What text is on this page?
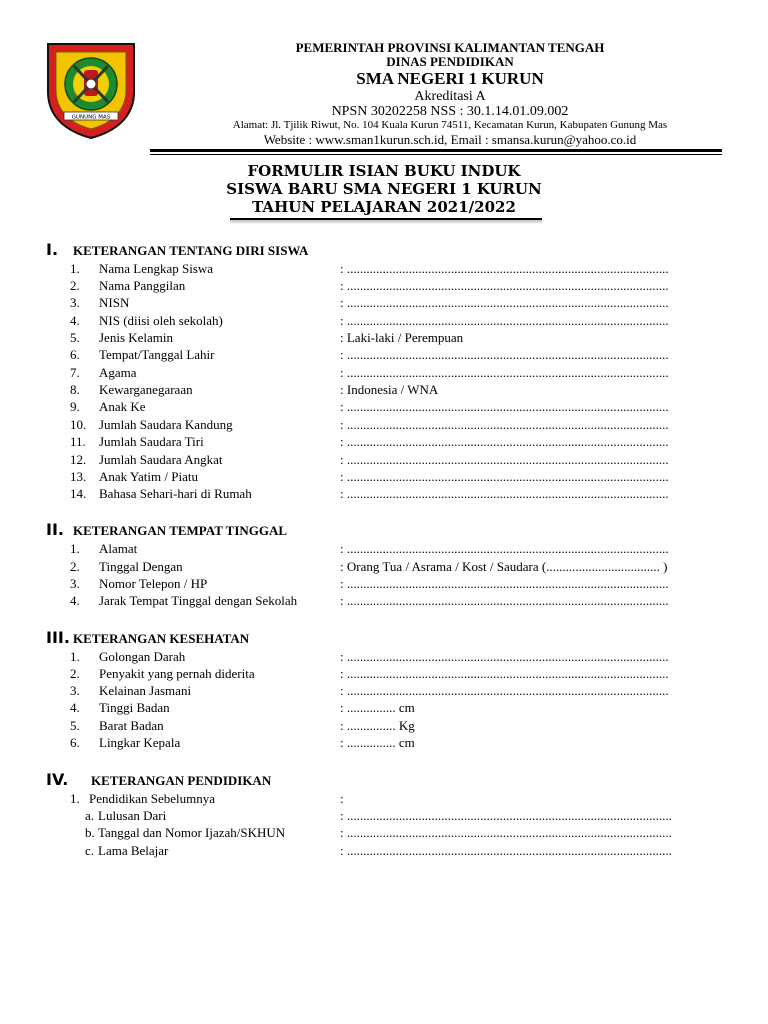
GUNUNG MAS
PEMERINTAH PROVINSI KALIMANTAN TENGAH
DINAS PENDIDIKAN
SMA NEGERI 1 KURUN
Akreditasi A
NPSN 30202258 NSS : 30.1.14.01.09.002
Alamat: Jl. Tjilik Riwut, No. 104 Kuala Kurun 74511, Kecamatan Kurun, Kabupaten Gunung Mas
Website : www.sman1kurun.sch.id, Email : smansa.kurun@yahoo.co.id
FORMULIR ISIAN BUKU INDUK
SISWA BARU SMA NEGERI 1 KURUN
TAHUN PELAJARAN 2021/2022
I. KETERANGAN TENTANG DIRI SISWA
1. Nama Lengkap Siswa	: ...................................................................................................
2. Nama Panggilan	: ...................................................................................................
3. NISN	: ...................................................................................................
4. NIS (diisi oleh sekolah)	: ...................................................................................................
5. Jenis Kelamin	: Laki-laki / Perempuan
6. Tempat/Tanggal Lahir	: ...................................................................................................
7. Agama	: ...................................................................................................
8. Kewarganegaraan	: Indonesia / WNA
9. Anak Ke	: ...................................................................................................
10. Jumlah Saudara Kandung	: ...................................................................................................
11. Jumlah Saudara Tiri	: ...................................................................................................
12. Jumlah Saudara Angkat	: ...................................................................................................
13. Anak Yatim / Piatu	: ...................................................................................................
14. Bahasa Sehari-hari di Rumah	: ...................................................................................................
II. KETERANGAN TEMPAT TINGGAL
1. Alamat	: ...................................................................................................
2. Tinggal Dengan	: Orang Tua / Asrama / Kost / Saudara (................................... )
3. Nomor Telepon / HP	: ...................................................................................................
4. Jarak Tempat Tinggal dengan Sekolah	: ...................................................................................................
III. KETERANGAN KESEHATAN
1. Golongan Darah	: ...................................................................................................
2. Penyakit yang pernah diderita	: ...................................................................................................
3. Kelainan Jasmani	: ...................................................................................................
4. Tinggi Badan	: ............... cm
5. Barat Badan	: ............... Kg
6. Lingkar Kepala	: ............... cm
IV. KETERANGAN PENDIDIKAN
1. Pendidikan Sebelumnya	:
a. Lulusan Dari	: ....................................................................................................
b. Tanggal dan Nomor Ijazah/SKHUN	: ....................................................................................................
c. Lama Belajar	: ....................................................................................................
